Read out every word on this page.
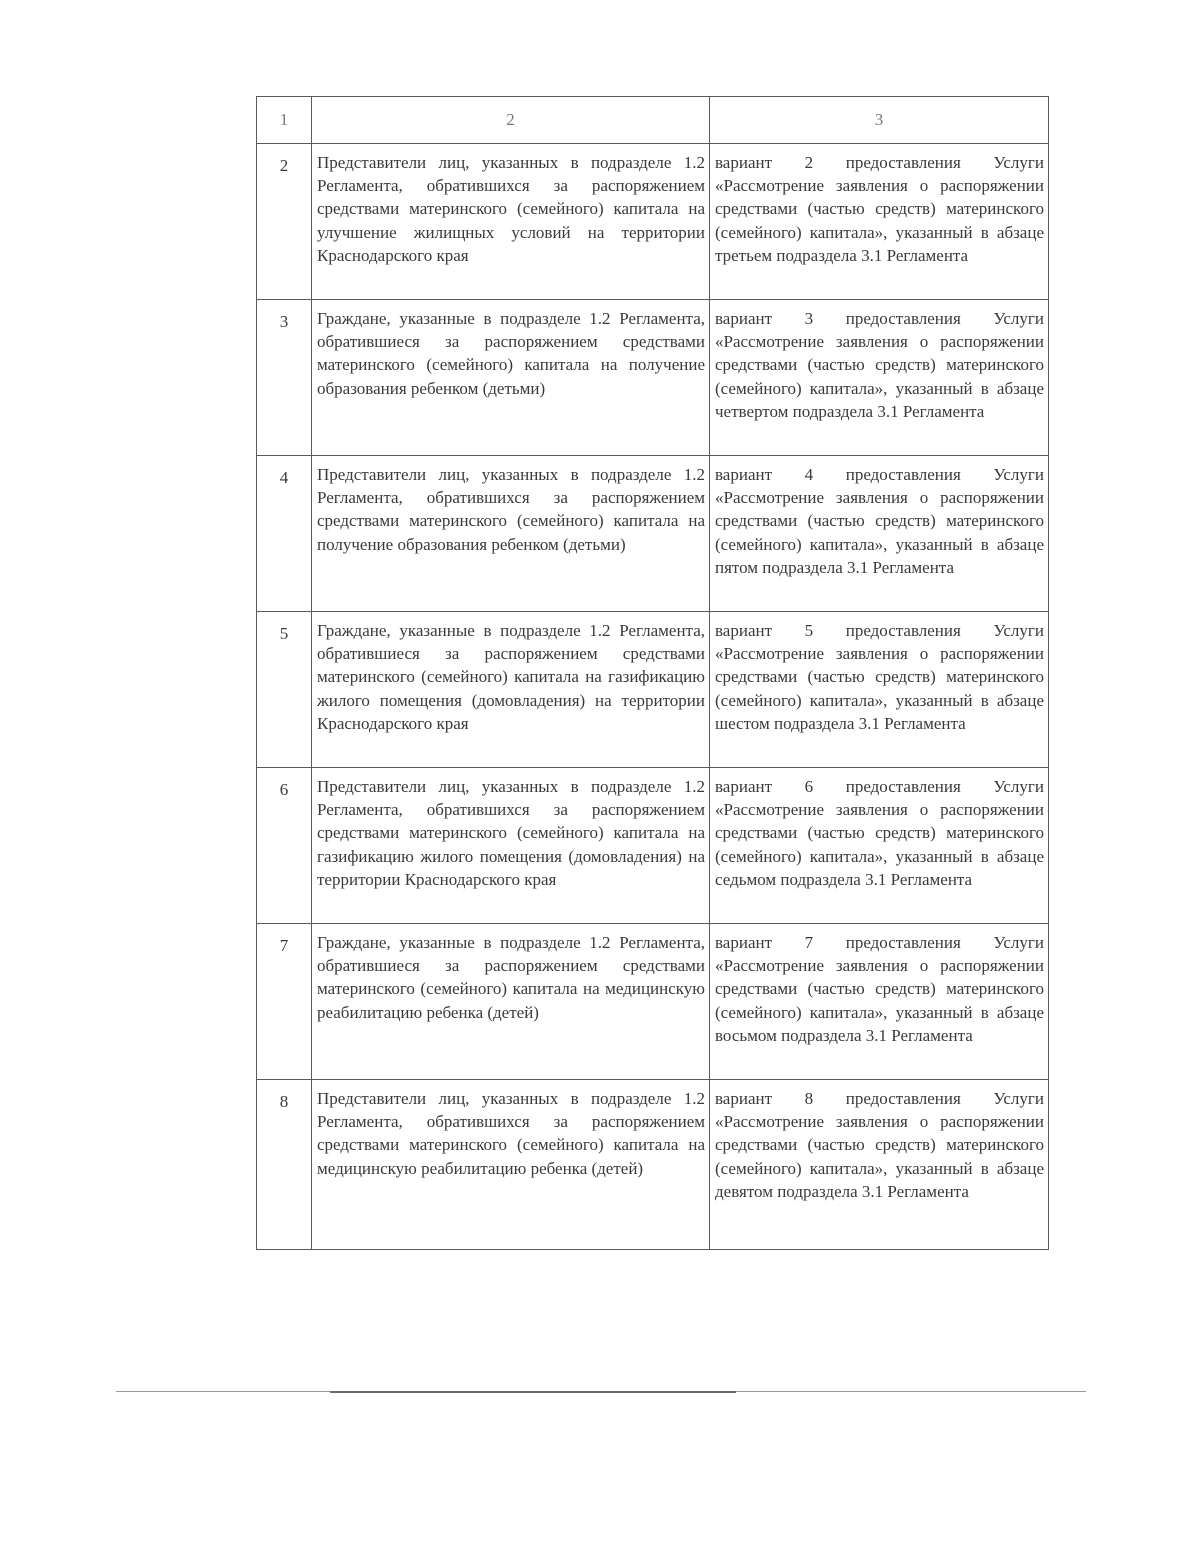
1	2	3
2	Представители лиц, указанных в подразделе 1.2 Регламента, обратившихся за распоряжением средствами материнского (семейного) капитала на улучшение жилищных условий на территории Краснодарского края	вариант 2 предоставления Услуги «Рассмотрение заявления о распоряжении средствами (частью средств) материнского (семейного) капитала», указанный в абзаце третьем подраздела 3.1 Регламента
3	Граждане, указанные в подразделе 1.2 Регламента, обратившиеся за распоряжением средствами материнского (семейного) капитала на получение образования ребенком (детьми)	вариант 3 предоставления Услуги «Рассмотрение заявления о распоряжении средствами (частью средств) материнского (семейного) капитала», указанный в абзаце четвертом подраздела 3.1 Регламента
4	Представители лиц, указанных в подразделе 1.2 Регламента, обратившихся за распоряжением средствами материнского (семейного) капитала на получение образования ребенком (детьми)	вариант 4 предоставления Услуги «Рассмотрение заявления о распоряжении средствами (частью средств) материнского (семейного) капитала», указанный в абзаце пятом подраздела 3.1 Регламента
5	Граждане, указанные в подразделе 1.2 Регламента, обратившиеся за распоряжением средствами материнского (семейного) капитала на газификацию жилого помещения (домовладения) на территории Краснодарского края	вариант 5 предоставления Услуги «Рассмотрение заявления о распоряжении средствами (частью средств) материнского (семейного) капитала», указанный в абзаце шестом подраздела 3.1 Регламента
6	Представители лиц, указанных в подразделе 1.2 Регламента, обратившихся за распоряжением средствами материнского (семейного) капитала на газификацию жилого помещения (домовладения) на территории Краснодарского края	вариант 6 предоставления Услуги «Рассмотрение заявления о распоряжении средствами (частью средств) материнского (семейного) капитала», указанный в абзаце седьмом подраздела 3.1 Регламента
7	Граждане, указанные в подразделе 1.2 Регламента, обратившиеся за распоряжением средствами материнского (семейного) капитала на медицинскую реабилитацию ребенка (детей)	вариант 7 предоставления Услуги «Рассмотрение заявления о распоряжении средствами (частью средств) материнского (семейного) капитала», указанный в абзаце восьмом подраздела 3.1 Регламента
8	Представители лиц, указанных в подразделе 1.2 Регламента, обратившихся за распоряжением средствами материнского (семейного) капитала на медицинскую реабилитацию ребенка (детей)	вариант 8 предоставления Услуги «Рассмотрение заявления о распоряжении средствами (частью средств) материнского (семейного) капитала», указанный в абзаце девятом подраздела 3.1 Регламента
